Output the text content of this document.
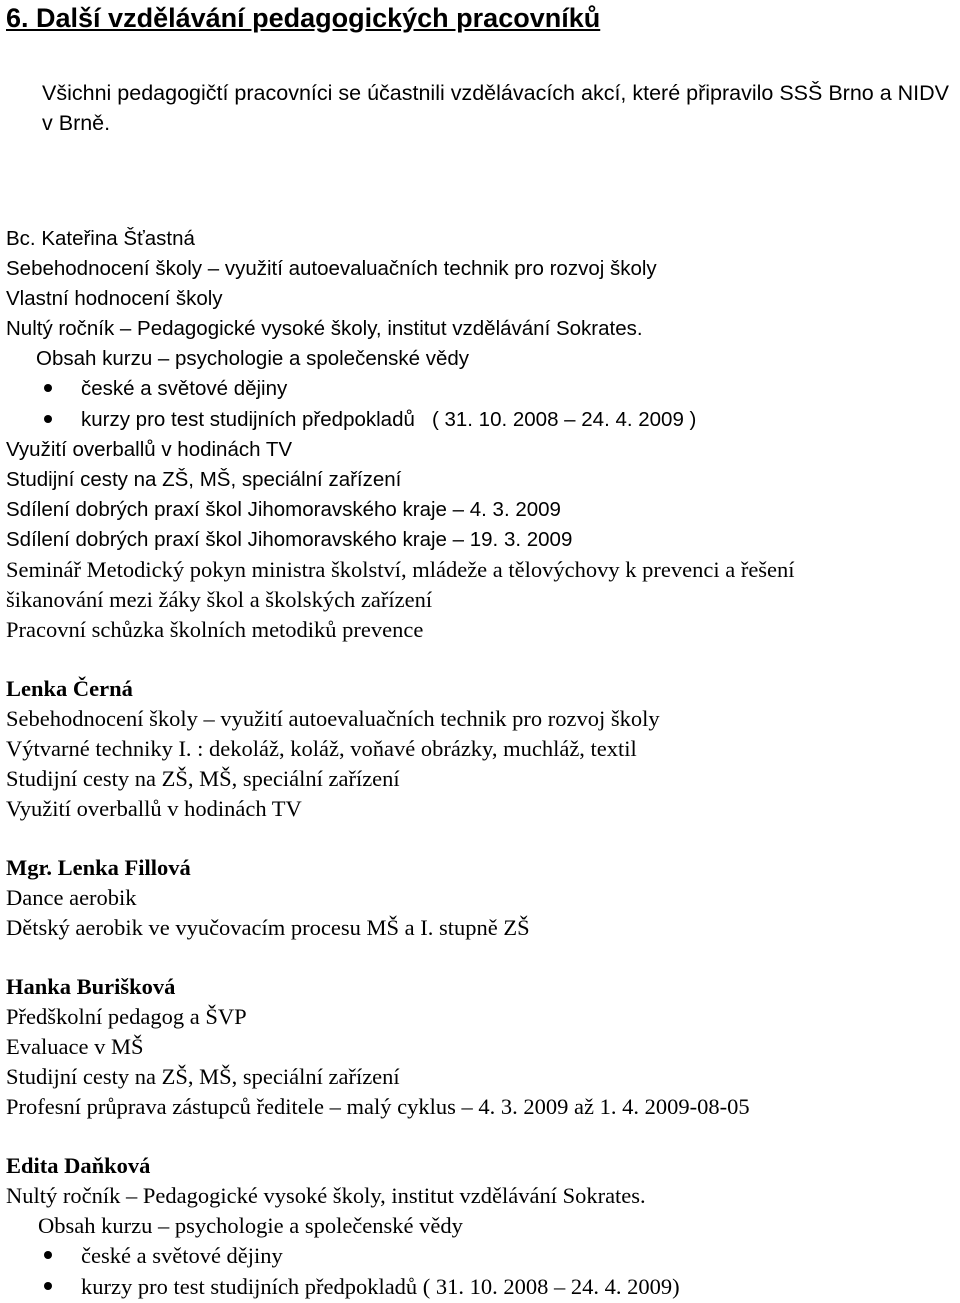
6. Další vzdělávání pedagogických pracovníků
Všichni pedagogičtí pracovníci se účastnili vzdělávacích akcí, které připravilo SSŠ Brno a NIDV v Brně.
Bc. Kateřina Šťastná
Sebehodnocení školy – využití autoevaluačních technik pro rozvoj školy
Vlastní hodnocení školy
Nultý ročník – Pedagogické vysoké školy, institut vzdělávání Sokrates.
Obsah kurzu – psychologie a společenské vědy
české a světové dějiny
kurzy pro test studijních předpokladů   ( 31. 10. 2008 – 24. 4. 2009 )
Využití overballů v hodinách TV
Studijní cesty na ZŠ, MŠ, speciální zařízení
Sdílení dobrých praxí škol Jihomoravského kraje – 4. 3. 2009
Sdílení dobrých praxí škol Jihomoravského kraje – 19. 3. 2009
Seminář Metodický pokyn ministra školství, mládeže a tělovýchovy k prevenci a řešení
šikanování mezi žáky škol a školských zařízení
Pracovní schůzka školních metodiků prevence
Lenka Černá
Sebehodnocení školy – využití autoevaluačních technik pro rozvoj školy
Výtvarné techniky I. : dekoláž, koláž, voňavé obrázky, muchláž, textil
Studijní cesty na ZŠ, MŠ, speciální zařízení
Využití overballů v hodinách TV
Mgr. Lenka Fillová
Dance aerobik
Dětský aerobik ve vyučovacím procesu MŠ a I. stupně ZŠ
Hanka Burišková
Předškolní pedagog a ŠVP
Evaluace v MŠ
Studijní cesty na ZŠ, MŠ, speciální zařízení
Profesní průprava zástupců ředitele – malý cyklus – 4. 3. 2009 až 1. 4. 2009-08-05
Edita Daňková
Nultý ročník – Pedagogické vysoké školy, institut vzdělávání Sokrates.
Obsah kurzu – psychologie a společenské vědy
české a světové dějiny
kurzy pro test studijních předpokladů ( 31. 10. 2008 – 24. 4. 2009)
